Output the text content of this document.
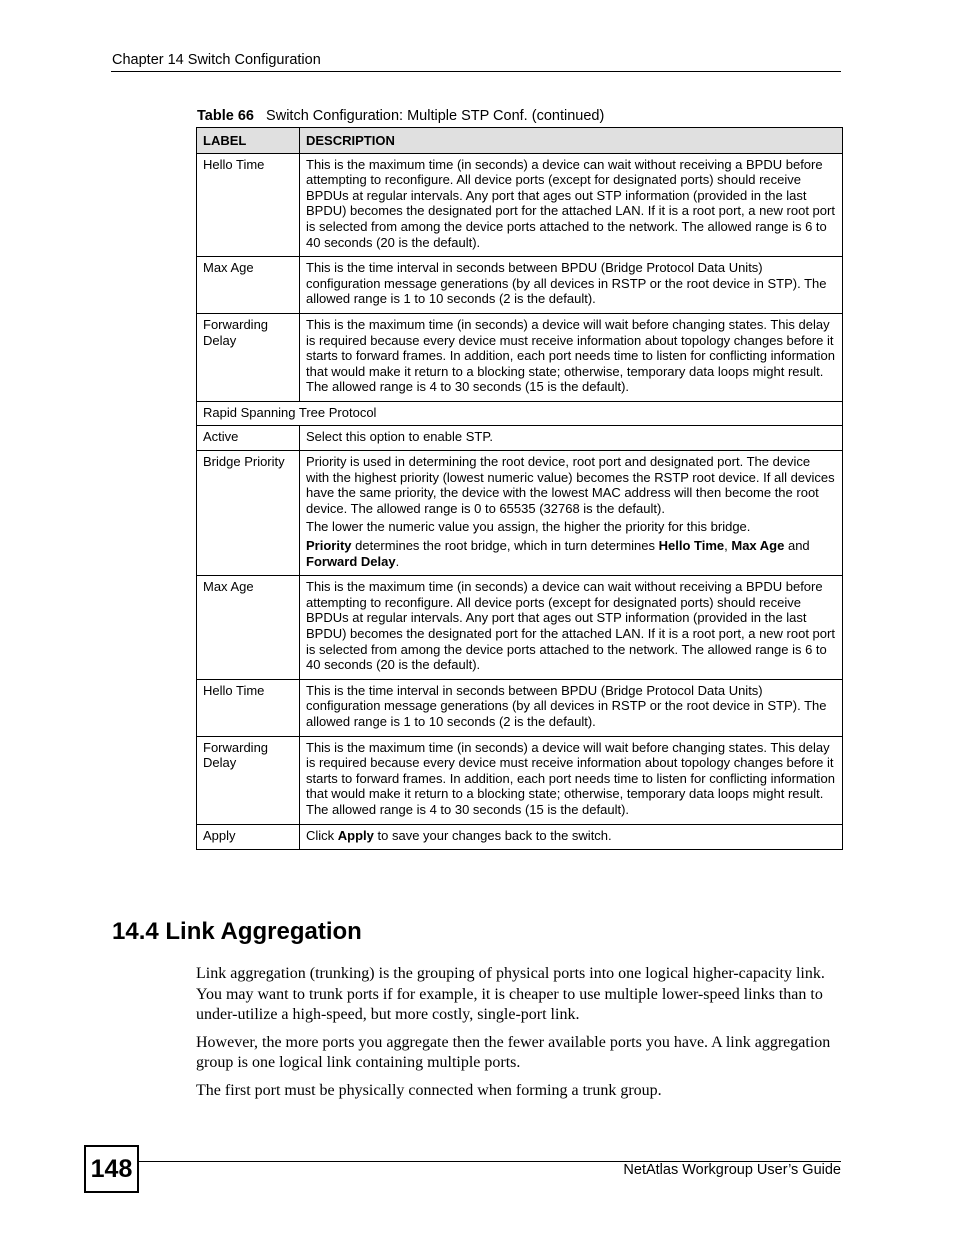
Chapter 14 Switch Configuration
Table 66 Switch Configuration: Multiple STP Conf. (continued)
LABEL	DESCRIPTION
Hello Time	This is the maximum time (in seconds) a device can wait without receiving a BPDU before attempting to reconfigure. All device ports (except for designated ports) should receive BPDUs at regular intervals. Any port that ages out STP information (provided in the last BPDU) becomes the designated port for the attached LAN. If it is a root port, a new root port is selected from among the device ports attached to the network. The allowed range is 6 to 40 seconds (20 is the default).
Max Age	This is the time interval in seconds between BPDU (Bridge Protocol Data Units) configuration message generations (by all devices in RSTP or the root device in STP). The allowed range is 1 to 10 seconds (2 is the default).
Forwarding Delay	This is the maximum time (in seconds) a device will wait before changing states. This delay is required because every device must receive information about topology changes before it starts to forward frames. In addition, each port needs time to listen for conflicting information that would make it return to a blocking state; otherwise, temporary data loops might result. The allowed range is 4 to 30 seconds (15 is the default).
Rapid Spanning Tree Protocol	
Active	Select this option to enable STP.
Bridge Priority	Priority is used in determining the root device, root port and designated port. The device with the highest priority (lowest numeric value) becomes the RSTP root device. If all devices have the same priority, the device with the lowest MAC address will then become the root device. The allowed range is 0 to 65535 (32768 is the default).

The lower the numeric value you assign, the higher the priority for this bridge.

Priority determines the root bridge, which in turn determines Hello Time, Max Age and Forward Delay.

Max Age	This is the maximum time (in seconds) a device can wait without receiving a BPDU before attempting to reconfigure. All device ports (except for designated ports) should receive BPDUs at regular intervals. Any port that ages out STP information (provided in the last BPDU) becomes the designated port for the attached LAN. If it is a root port, a new root port is selected from among the device ports attached to the network. The allowed range is 6 to 40 seconds (20 is the default).
Hello Time	This is the time interval in seconds between BPDU (Bridge Protocol Data Units) configuration message generations (by all devices in RSTP or the root device in STP). The allowed range is 1 to 10 seconds (2 is the default).
Forwarding Delay	This is the maximum time (in seconds) a device will wait before changing states. This delay is required because every device must receive information about topology changes before it starts to forward frames. In addition, each port needs time to listen for conflicting information that would make it return to a blocking state; otherwise, temporary data loops might result. The allowed range is 4 to 30 seconds (15 is the default).
Apply	Click Apply to save your changes back to the switch.
14.4 Link Aggregation

Link aggregation (trunking) is the grouping of physical ports into one logical higher-capacity link. You may want to trunk ports if for example, it is cheaper to use multiple lower-speed links than to under-utilize a high-speed, but more costly, single-port link.

However, the more ports you aggregate then the fewer available ports you have. A link aggregation group is one logical link containing multiple ports.

The first port must be physically connected when forming a trunk group.

148	NetAtlas Workgroup User’s Guide
